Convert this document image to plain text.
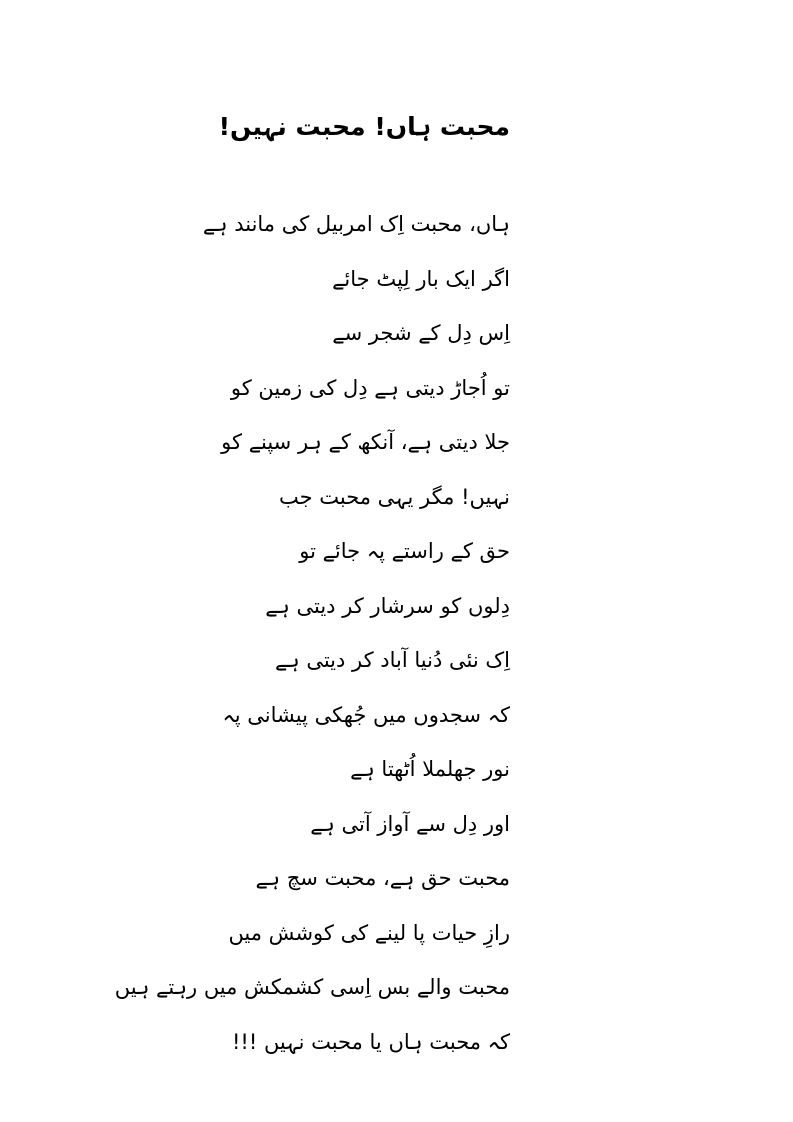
محبت ہاں! محبت نہیں!
ہاں، محبت اِک امربیل کی مانند ہے
اگر ایک بار لِپٹ جائے
اِس دِل کے شجر سے
تو اُجاڑ دیتی ہے دِل کی زمین کو
جلا دیتی ہے، آنکھ کے ہر سپنے کو
نہیں! مگر یہی محبت جب
حق کے راستے پہ جائے تو
دِلوں کو سرشار کر دیتی ہے
اِک نئی دُنیا آباد کر دیتی ہے
کہ سجدوں میں جُھکی پیشانی پہ
نور جھلملا اُٹھتا ہے
اور دِل سے آواز آتی ہے
محبت حق ہے، محبت سچ ہے
رازِ حیات پا لینے کی کوشش میں
محبت والے بس اِسی کشمکش میں رہتے ہیں
کہ محبت ہاں یا محبت نہیں !!!
